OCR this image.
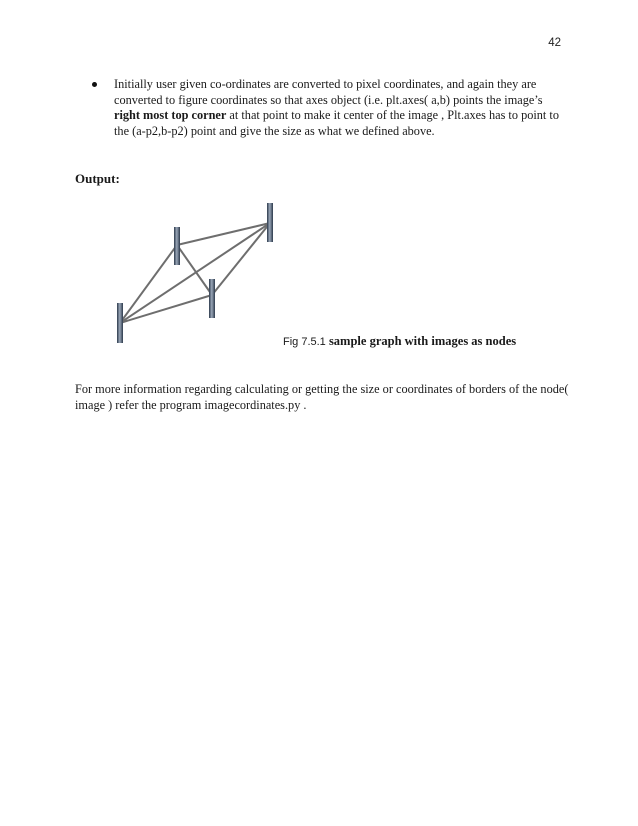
42
Initially user given co-ordinates are converted to pixel coordinates, and again they are converted to figure coordinates so that axes object (i.e. plt.axes( a,b) points the image’s right most top corner at that point to make it center of the image , Plt.axes has to point to the (a-p2,b-p2) point and give the size as what we defined above.
Output:
Fig 7.5.1 sample graph with images as nodes
For more information regarding calculating or getting the size or coordinates of borders of the node( image ) refer the program imagecordinates.py .
